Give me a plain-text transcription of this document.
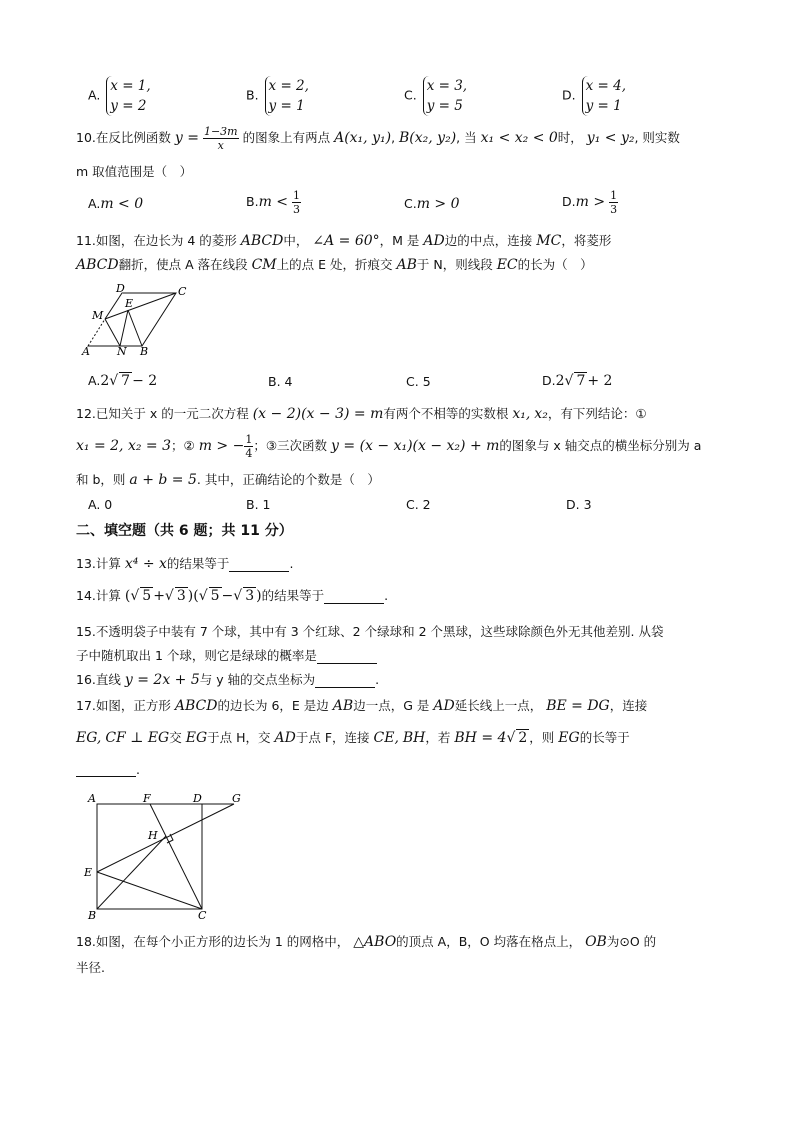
A.
x = 1,
y = 2
B.
x = 2,
y = 1
C.
x = 3,
y = 5
D.
x = 4,
y = 1
10.在反比例函数 $y = \frac{1-3m}{x}$ 的图象上有两点 A(x₁, y₁), B(x₂, y₂), 当 x₁ < x₂ < 0时， y₁ < y₂, 则实数
m 取值范围是（　）
A.m < 0	$B.m < \frac{1}{3}$	C.m > 0	$D.m > \frac{1}{3}$
11.如图，在边长为 4 的菱形 ABCD中， ∠A = 60°，M 是 AD边的中点，连接 MC，将菱形
ABCD翻折，使点 A 落在线段 CM上的点 E 处，折痕交 AB于 N，则线段 EC的长为（　）
D	C
E
M
A N B
A.2√ 7 − 2	B. 4	C. 5	D.2√ 7 + 2
12.已知关于 x 的一元二次方程 (x − 2)(x − 3) = m有两个不相等的实数根 x₁, x₂，有下列结论：①
x₁ = 2, x₂ = 3；② m > − $\frac{1}{4}$ ；③三次函数 y = (x − x₁)(x − x₂) + m的图象与 x 轴交点的横坐标分别为 a
和 b，则 a + b = 5. 其中，正确结论的个数是（　）
A. 0	B. 1	C. 2	D. 3
二、填空题（共 6 题；共 11 分）
13.计算 x⁴ ÷ x的结果等于	.
14.计算 (√ 5 +√ 3 )(√ 5 −√ 3 )的结果等于	.
15.不透明袋子中装有 7 个球，其中有 3 个红球、2 个绿球和 2 个黑球，这些球除颜色外无其他差别. 从袋
子中随机取出 1 个球，则它是绿球的概率是
16.直线 y = 2x + 5与 y 轴的交点坐标为	.
17.如图，正方形 ABCD的边长为 6，E 是边 AB边一点，G 是 AD延长线上一点， BE = DG，连接
EG, CF ⊥ EG交 EG于点 H，交 AD于点 F，连接 CE, BH，若 BH = 4√ 2 ，则 EG的长等于
.
A	F	D	G
H
E
B	C
18.如图，在每个小正方形的边长为 1 的网格中， △ABO的顶点 A，B，O 均落在格点上， OB为⊙O 的
半径.
